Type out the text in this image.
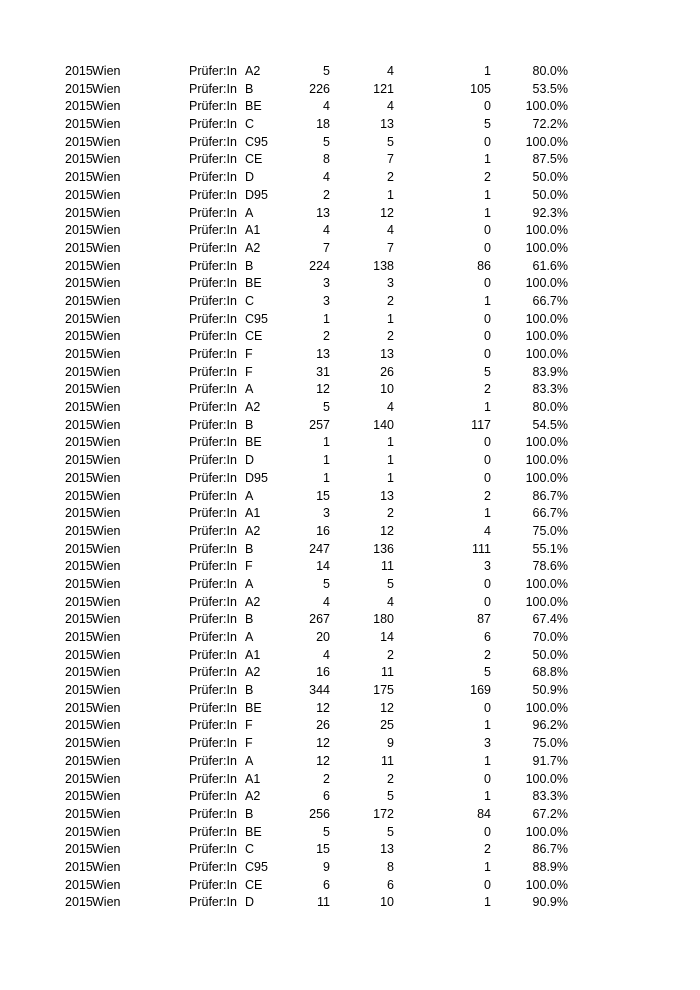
2015 Wien	Prüfer:In A2	5	4	1	80.0%
2015 Wien	Prüfer:In B	226	121	105	53.5%
2015 Wien	Prüfer:In BE	4	4	0	100.0%
2015 Wien	Prüfer:In C	18	13	5	72.2%
2015 Wien	Prüfer:In C95	5	5	0	100.0%
2015 Wien	Prüfer:In CE	8	7	1	87.5%
2015 Wien	Prüfer:In D	4	2	2	50.0%
2015 Wien	Prüfer:In D95	2	1	1	50.0%
2015 Wien	Prüfer:In A	13	12	1	92.3%
2015 Wien	Prüfer:In A1	4	4	0	100.0%
2015 Wien	Prüfer:In A2	7	7	0	100.0%
2015 Wien	Prüfer:In B	224	138	86	61.6%
2015 Wien	Prüfer:In BE	3	3	0	100.0%
2015 Wien	Prüfer:In C	3	2	1	66.7%
2015 Wien	Prüfer:In C95	1	1	0	100.0%
2015 Wien	Prüfer:In CE	2	2	0	100.0%
2015 Wien	Prüfer:In F	13	13	0	100.0%
2015 Wien	Prüfer:In F	31	26	5	83.9%
2015 Wien	Prüfer:In A	12	10	2	83.3%
2015 Wien	Prüfer:In A2	5	4	1	80.0%
2015 Wien	Prüfer:In B	257	140	117	54.5%
2015 Wien	Prüfer:In BE	1	1	0	100.0%
2015 Wien	Prüfer:In D	1	1	0	100.0%
2015 Wien	Prüfer:In D95	1	1	0	100.0%
2015 Wien	Prüfer:In A	15	13	2	86.7%
2015 Wien	Prüfer:In A1	3	2	1	66.7%
2015 Wien	Prüfer:In A2	16	12	4	75.0%
2015 Wien	Prüfer:In B	247	136	111	55.1%
2015 Wien	Prüfer:In F	14	11	3	78.6%
2015 Wien	Prüfer:In A	5	5	0	100.0%
2015 Wien	Prüfer:In A2	4	4	0	100.0%
2015 Wien	Prüfer:In B	267	180	87	67.4%
2015 Wien	Prüfer:In A	20	14	6	70.0%
2015 Wien	Prüfer:In A1	4	2	2	50.0%
2015 Wien	Prüfer:In A2	16	11	5	68.8%
2015 Wien	Prüfer:In B	344	175	169	50.9%
2015 Wien	Prüfer:In BE	12	12	0	100.0%
2015 Wien	Prüfer:In F	26	25	1	96.2%
2015 Wien	Prüfer:In F	12	9	3	75.0%
2015 Wien	Prüfer:In A	12	11	1	91.7%
2015 Wien	Prüfer:In A1	2	2	0	100.0%
2015 Wien	Prüfer:In A2	6	5	1	83.3%
2015 Wien	Prüfer:In B	256	172	84	67.2%
2015 Wien	Prüfer:In BE	5	5	0	100.0%
2015 Wien	Prüfer:In C	15	13	2	86.7%
2015 Wien	Prüfer:In C95	9	8	1	88.9%
2015 Wien	Prüfer:In CE	6	6	0	100.0%
2015 Wien	Prüfer:In D	11	10	1	90.9%
